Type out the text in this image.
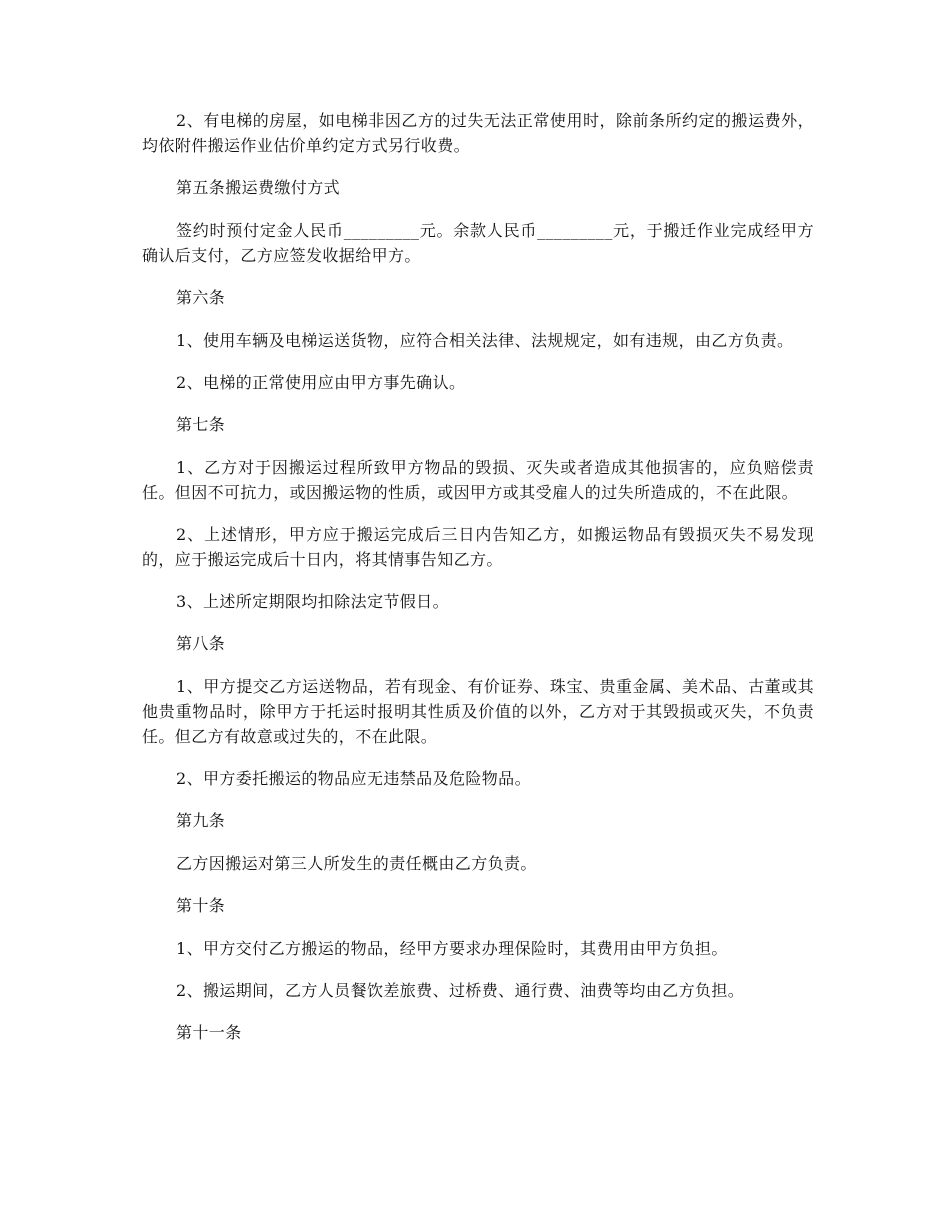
2、有电梯的房屋，如电梯非因乙方的过失无法正常使用时，除前条所约定的搬运费外，均依附件搬运作业估价单约定方式另行收费。

第五条搬运费缴付方式

签约时预付定金人民币_________元。余款人民币_________元，于搬迁作业完成经甲方确认后支付，乙方应签发收据给甲方。

第六条

1、使用车辆及电梯运送货物，应符合相关法律、法规规定，如有违规，由乙方负责。

2、电梯的正常使用应由甲方事先确认。

第七条

1、乙方对于因搬运过程所致甲方物品的毁损、灭失或者造成其他损害的，应负赔偿责任。但因不可抗力，或因搬运物的性质，或因甲方或其受雇人的过失所造成的，不在此限。

2、上述情形，甲方应于搬运完成后三日内告知乙方，如搬运物品有毁损灭失不易发现的，应于搬运完成后十日内，将其情事告知乙方。

3、上述所定期限均扣除法定节假日。

第八条

1、甲方提交乙方运送物品，若有现金、有价证券、珠宝、贵重金属、美术品、古董或其他贵重物品时，除甲方于托运时报明其性质及价值的以外，乙方对于其毁损或灭失，不负责任。但乙方有故意或过失的，不在此限。

2、甲方委托搬运的物品应无违禁品及危险物品。

第九条

乙方因搬运对第三人所发生的责任概由乙方负责。

第十条

1、甲方交付乙方搬运的物品，经甲方要求办理保险时，其费用由甲方负担。

2、搬运期间，乙方人员餐饮差旅费、过桥费、通行费、油费等均由乙方负担。

第十一条
